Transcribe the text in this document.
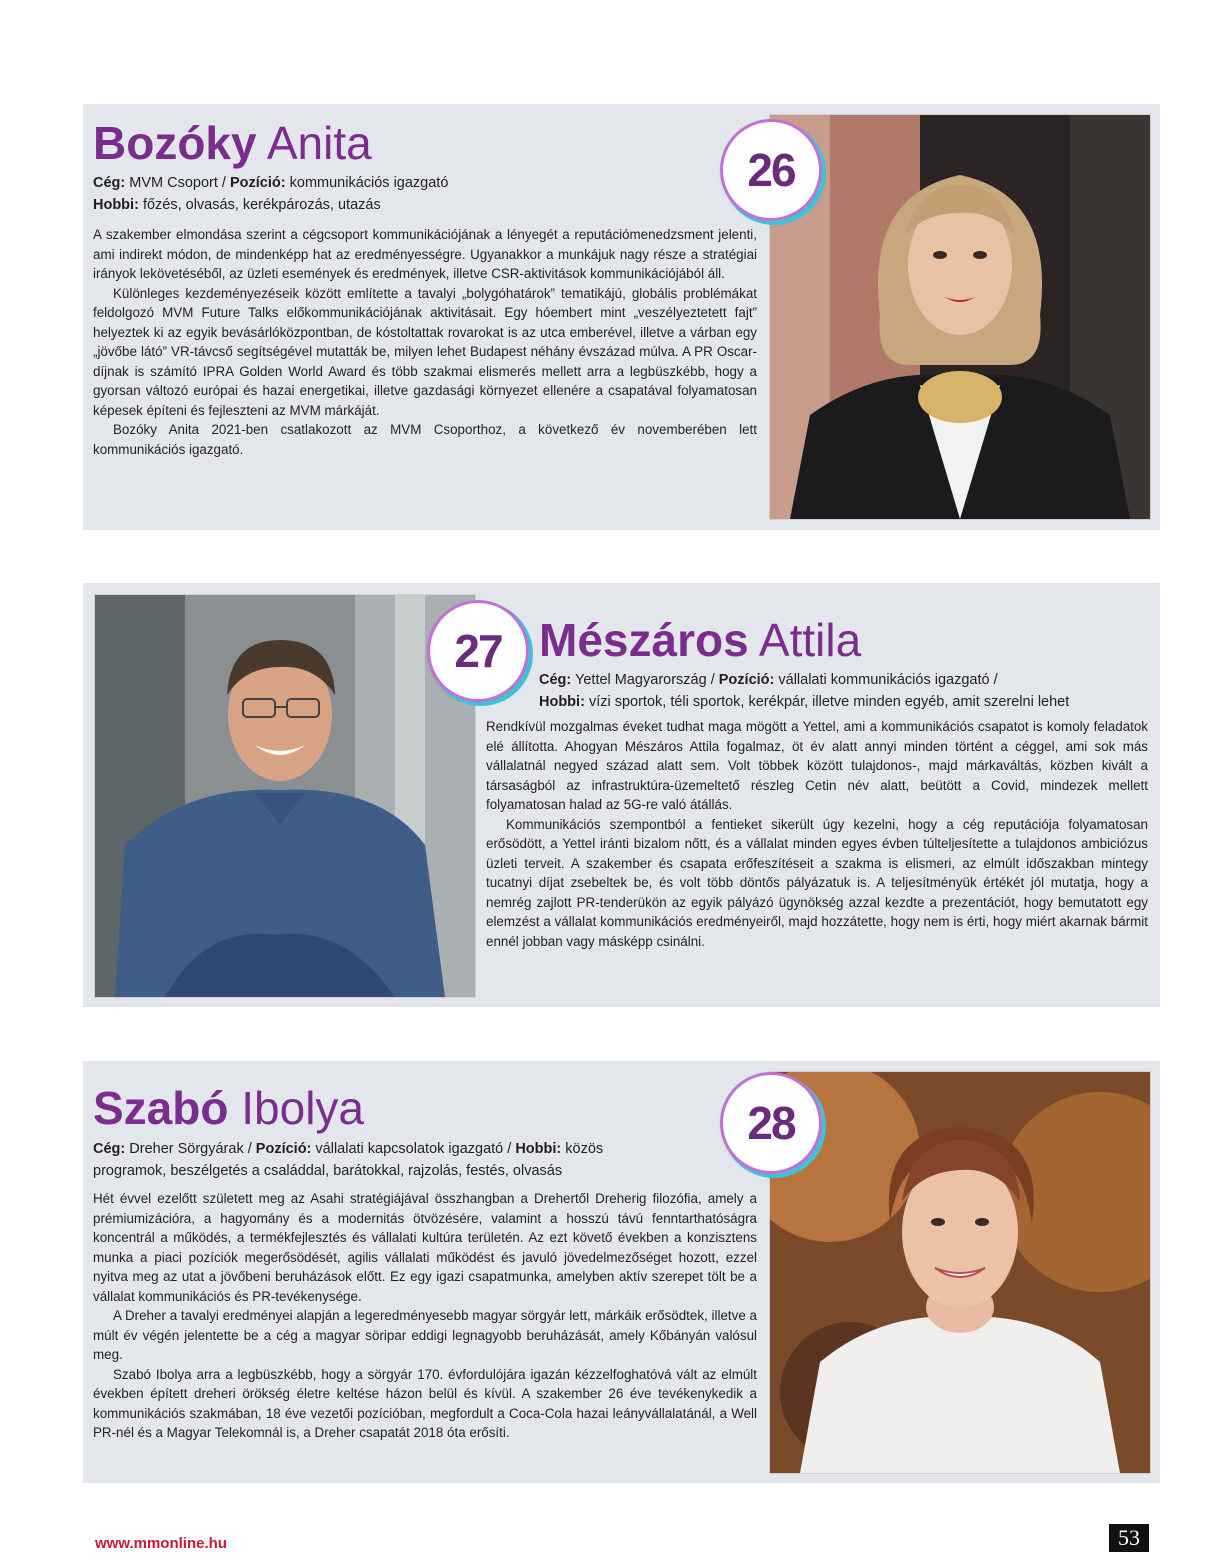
Bozóky Anita
Cég: MVM Csoport / Pozíció: kommunikációs igazgató
Hobbi: főzés, olvasás, kerékpározás, utazás

A szakember elmondása szerint a cégcsoport kommunikációjának a lényegét a reputációmenedzsment jelenti, ami indirekt módon, de mindenképp hat az eredményességre. Ugyanakkor a munkájuk nagy része a stratégiai irányok lekövetéséből, az üzleti események és eredmények, illetve CSR-aktivitások kommunikációjából áll.

Különleges kezdeményezéseik között említette a tavalyi „bolygóhatárok” tematikájú, globális problémákat feldolgozó MVM Future Talks előkommunikációjának aktivitásait. Egy hóembert mint „veszélyeztetett fajt” helyeztek ki az egyik bevásárlóközpontban, de kóstoltattak rovarokat is az utca emberével, illetve a várban egy „jövőbe látó” VR-távcső segítségével mutatták be, milyen lehet Budapest néhány évszázad múlva. A PR Oscar-díjnak is számító IPRA Golden World Award és több szakmai elismerés mellett arra a legbüszkébb, hogy a gyorsan változó európai és hazai energetikai, illetve gazdasági környezet ellenére a csapatával folyamatosan képesek építeni és fejleszteni az MVM márkáját.

Bozóky Anita 2021-ben csatlakozott az MVM Csoporthoz, a következő év novemberében lett kommunikációs igazgató.

26
27 Mészáros Attila
Cég: Yettel Magyarország / Pozíció: vállalati kommunikációs igazgató /
Hobbi: vízi sportok, téli sportok, kerékpár, illetve minden egyéb, amit szerelni lehet

Rendkívül mozgalmas éveket tudhat maga mögött a Yettel, ami a kommunikációs csapatot is komoly feladatok elé állította. Ahogyan Mészáros Attila fogalmaz, öt év alatt annyi minden történt a céggel, ami sok más vállalatnál negyed század alatt sem. Volt többek között tulajdonos-, majd márkaváltás, közben kivált a társaságból az infrastruktúra-üzemeltető részleg Cetin név alatt, beütött a Covid, mindezek mellett folyamatosan halad az 5G-re való átállás.

Kommunikációs szempontból a fentieket sikerült úgy kezelni, hogy a cég reputációja folyamatosan erősödött, a Yettel iránti bizalom nőtt, és a vállalat minden egyes évben túlteljesítette a tulajdonos ambiciózus üzleti terveit. A szakember és csapata erőfeszítéseit a szakma is elismeri, az elmúlt időszakban mintegy tucatnyi díjat zsebeltek be, és volt több döntős pályázatuk is. A teljesítményük értékét jól mutatja, hogy a nemrég zajlott PR-tenderükön az egyik pályázó ügynökség azzal kezdte a prezentációt, hogy bemutatott egy elemzést a vállalat kommunikációs eredményeiről, majd hozzátette, hogy nem is érti, hogy miért akarnak bármit ennél jobban vagy másképp csinálni.

Szabó Ibolya
Cég: Dreher Sörgyárak / Pozíció: vállalati kapcsolatok igazgató / Hobbi: közös
programok, beszélgetés a családdal, barátokkal, rajzolás, festés, olvasás

Hét évvel ezelőtt született meg az Asahi stratégiájával összhangban a Drehertől Dreherig filozófia, amely a prémiumizációra, a hagyomány és a modernitás ötvözésére, valamint a hosszú távú fenntarthatóságra koncentrál a működés, a termékfejlesztés és vállalati kultúra területén. Az ezt követő években a konzisztens munka a piaci pozíciók megerősödését, agilis vállalati működést és javuló jövedelmezőséget hozott, ezzel nyitva meg az utat a jövőbeni beruházások előtt. Ez egy igazi csapatmunka, amelyben aktív szerepet tölt be a vállalat kommunikációs és PR-tevékenysége.

A Dreher a tavalyi eredményei alapján a legeredményesebb magyar sörgyár lett, márkáik erősödtek, illetve a múlt év végén jelentette be a cég a magyar söripar eddigi legnagyobb beruházását, amely Kőbányán valósul meg.

Szabó Ibolya arra a legbüszkébb, hogy a sörgyár 170. évfordulójára igazán kézzelfoghatóvá vált az elmúlt években épített dreheri örökség életre keltése házon belül és kívül. A szakember 26 éve tevékenykedik a kommunikációs szakmában, 18 éve vezetői pozícióban, megfordult a Coca-Cola hazai leányvállalatánál, a Well PR-nél és a Magyar Telekomnál is, a Dreher csapatát 2018 óta erősíti.

28
www.mmonline.hu	53
